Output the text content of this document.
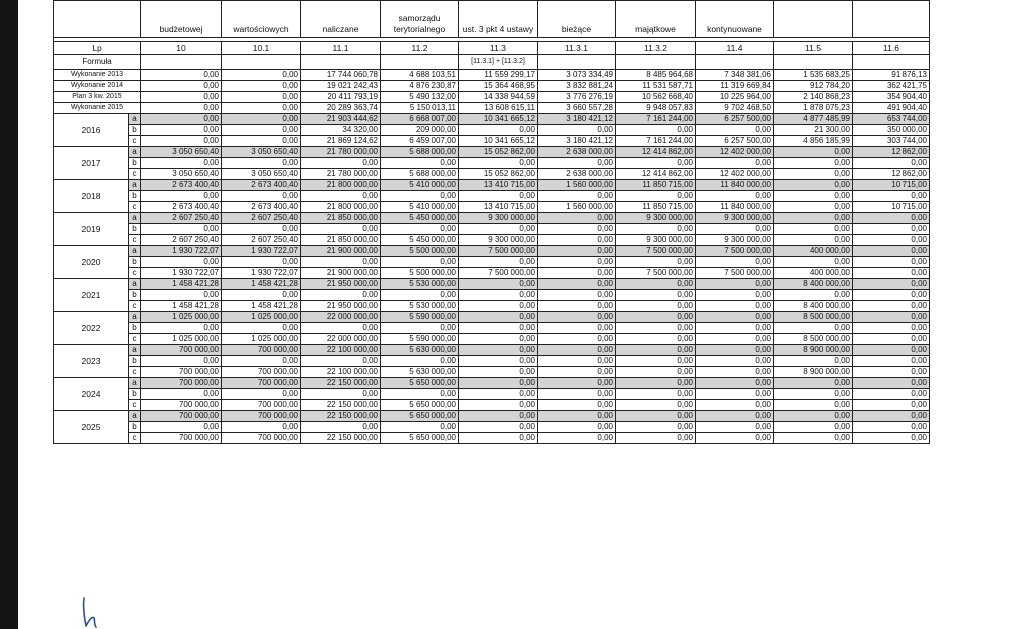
		budżetowej	wartościowych	naliczane	samorządu terytorialnego	ust. 3 pkt 4 ustawy	bieżące	majątkowe	kontynuowane		

Lp		10	10.1	11.1	11.2	11.3	11.3.1	11.3.2	11.4	11.5	11.6
Formuła						[11.3.1] + [11.3.2]					
Wykonanie 2013		0,00	0,00	17 744 060,78	4 688 103,51	11 559 299,17	3 073 334,49	8 485 964,68	7 348 381,06	1 535 683,25	91 876,13
Wykonanie 2014		0,00	0,00	19 021 242,43	4 876 230,87	15 364 468,95	3 832 881,24	11 531 587,71	11 319 669,84	912 784,20	362 421,75
Plan 3 kw. 2015		0,00	0,00	20 411 793,19	5 490 132,00	14 338 944,59	3 776 276,19	10 562 668,40	10 225 964,00	2 140 868,23	354 904,40
Wykonanie 2015		0,00	0,00	20 289 363,74	5 150 013,11	13 608 615,11	3 660 557,28	9 948 057,83	9 702 468,50	1 878 075,23	491 904,40
2016	a	0,00	0,00	21 903 444,62	6 668 007,00	10 341 665,12	3 180 421,12	7 161 244,00	6 257 500,00	4 877 485,99	653 744,00
	b	0,00	0,00	34 320,00	209 000,00	0,00	0,00	0,00	0,00	21 300,00	350 000,00
	c	0,00	0,00	21 869 124,62	6 459 007,00	10 341 665,12	3 180 421,12	7 161 244,00	6 257 500,00	4 856 185,99	303 744,00
2017	a	3 050 650,40	3 050 650,40	21 780 000,00	5 688 000,00	15 052 862,00	2 638 000,00	12 414 862,00	12 402 000,00	0,00	12 862,00
	b	0,00	0,00	0,00	0,00	0,00	0,00	0,00	0,00	0,00	0,00
	c	3 050 650,40	3 050 650,40	21 780 000,00	5 688 000,00	15 052 862,00	2 638 000,00	12 414 862,00	12 402 000,00	0,00	12 862,00
2018	a	2 673 400,40	2 673 400,40	21 800 000,00	5 410 000,00	13 410 715,00	1 560 000,00	11 850 715,00	11 840 000,00	0,00	10 715,00
	b	0,00	0,00	0,00	0,00	0,00	0,00	0,00	0,00	0,00	0,00
	c	2 673 400,40	2 673 400,40	21 800 000,00	5 410 000,00	13 410 715,00	1 560 000,00	11 850 715,00	11 840 000,00	0,00	10 715,00
2019	a	2 607 250,40	2 607 250,40	21 850 000,00	5 450 000,00	9 300 000,00	0,00	9 300 000,00	9 300 000,00	0,00	0,00
	b	0,00	0,00	0,00	0,00	0,00	0,00	0,00	0,00	0,00	0,00
	c	2 607 250,40	2 607 250,40	21 850 000,00	5 450 000,00	9 300 000,00	0,00	9 300 000,00	9 300 000,00	0,00	0,00
2020	a	1 930 722,07	1 930 722,07	21 900 000,00	5 500 000,00	7 500 000,00	0,00	7 500 000,00	7 500 000,00	400 000,00	0,00
	b	0,00	0,00	0,00	0,00	0,00	0,00	0,00	0,00	0,00	0,00
	c	1 930 722,07	1 930 722,07	21 900 000,00	5 500 000,00	7 500 000,00	0,00	7 500 000,00	7 500 000,00	400 000,00	0,00
2021	a	1 458 421,28	1 458 421,28	21 950 000,00	5 530 000,00	0,00	0,00	0,00	0,00	8 400 000,00	0,00
	b	0,00	0,00	0,00	0,00	0,00	0,00	0,00	0,00	0,00	0,00
	c	1 458 421,28	1 458 421,28	21 950 000,00	5 530 000,00	0,00	0,00	0,00	0,00	8 400 000,00	0,00
2022	a	1 025 000,00	1 025 000,00	22 000 000,00	5 590 000,00	0,00	0,00	0,00	0,00	8 500 000,00	0,00
	b	0,00	0,00	0,00	0,00	0,00	0,00	0,00	0,00	0,00	0,00
	c	1 025 000,00	1 025 000,00	22 000 000,00	5 590 000,00	0,00	0,00	0,00	0,00	8 500 000,00	0,00
2023	a	700 000,00	700 000,00	22 100 000,00	5 630 000,00	0,00	0,00	0,00	0,00	8 900 000,00	0,00
	b	0,00	0,00	0,00	0,00	0,00	0,00	0,00	0,00	0,00	0,00
	c	700 000,00	700 000,00	22 100 000,00	5 630 000,00	0,00	0,00	0,00	0,00	8 900 000,00	0,00
2024	a	700 000,00	700 000,00	22 150 000,00	5 650 000,00	0,00	0,00	0,00	0,00	0,00	0,00
	b	0,00	0,00	0,00	0,00	0,00	0,00	0,00	0,00	0,00	0,00
	c	700 000,00	700 000,00	22 150 000,00	5 650 000,00	0,00	0,00	0,00	0,00	0,00	0,00
2025	a	700 000,00	700 000,00	22 150 000,00	5 650 000,00	0,00	0,00	0,00	0,00	0,00	0,00
	b	0,00	0,00	0,00	0,00	0,00	0,00	0,00	0,00	0,00	0,00
	c	700 000,00	700 000,00	22 150 000,00	5 650 000,00	0,00	0,00	0,00	0,00	0,00	0,00
